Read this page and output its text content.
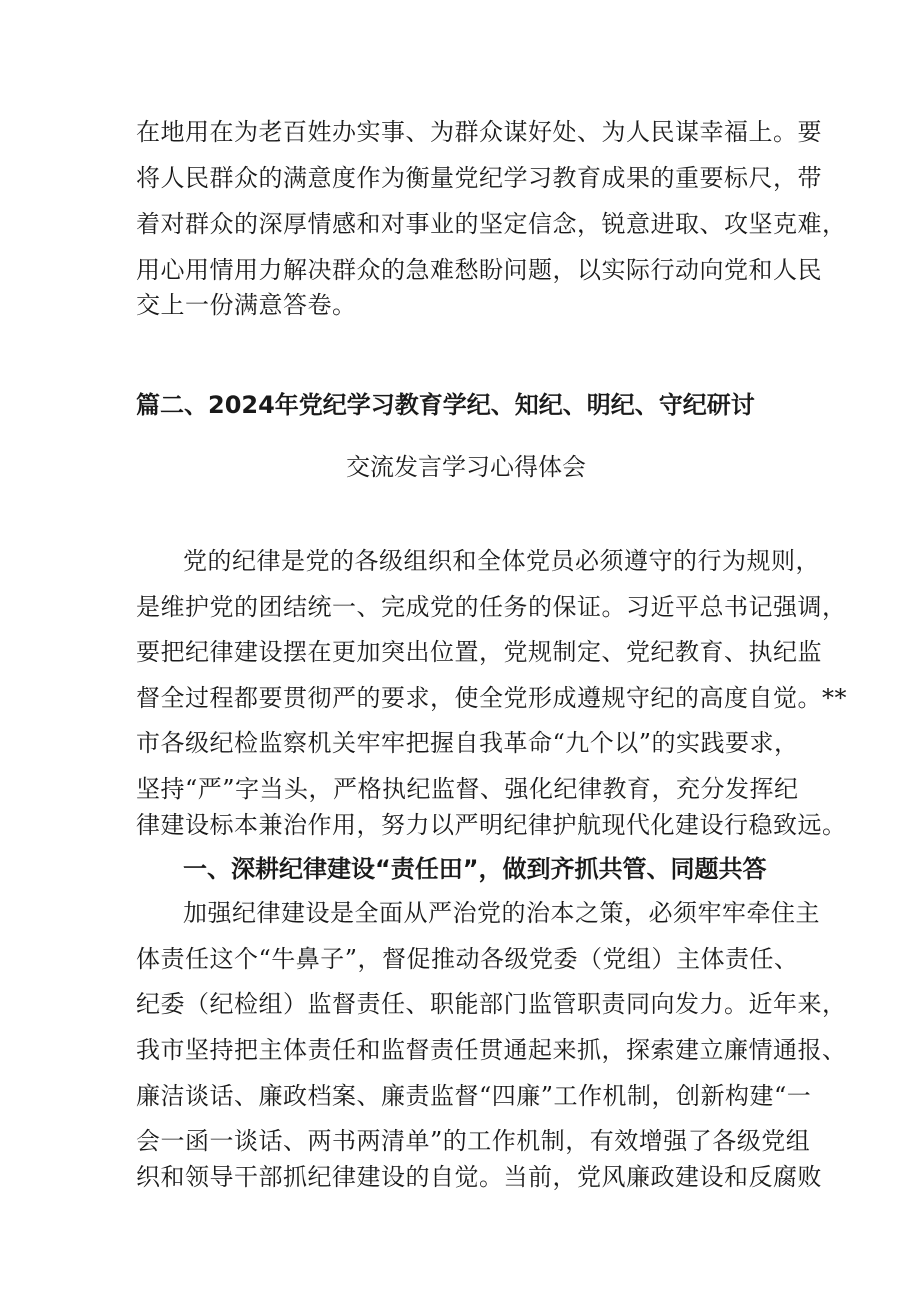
在地用在为老百姓办实事、为群众谋好处、为人民谋幸福上。要
将人民群众的满意度作为衡量党纪学习教育成果的重要标尺，带
着对群众的深厚情感和对事业的坚定信念，锐意进取、攻坚克难，
用心用情用力解决群众的急难愁盼问题，以实际行动向党和人民
交上一份满意答卷。
篇二、2024年党纪学习教育学纪、知纪、明纪、守纪研讨
交流发言学习心得体会
党的纪律是党的各级组织和全体党员必须遵守的行为规则，
是维护党的团结统一、完成党的任务的保证。习近平总书记强调，
要把纪律建设摆在更加突出位置，党规制定、党纪教育、执纪监
督全过程都要贯彻严的要求，使全党形成遵规守纪的高度自觉。**
市各级纪检监察机关牢牢把握自我革命“九个以”的实践要求，
坚持“严”字当头，严格执纪监督、强化纪律教育，充分发挥纪
律建设标本兼治作用，努力以严明纪律护航现代化建设行稳致远。
一、深耕纪律建设“责任田”，做到齐抓共管、同题共答
加强纪律建设是全面从严治党的治本之策，必须牢牢牵住主
体责任这个“牛鼻子”，督促推动各级党委（党组）主体责任、
纪委（纪检组）监督责任、职能部门监管职责同向发力。近年来，
我市坚持把主体责任和监督责任贯通起来抓，探索建立廉情通报、
廉洁谈话、廉政档案、廉责监督“四廉”工作机制，创新构建“一
会一函一谈话、两书两清单”的工作机制，有效增强了各级党组
织和领导干部抓纪律建设的自觉。当前，党风廉政建设和反腐败
